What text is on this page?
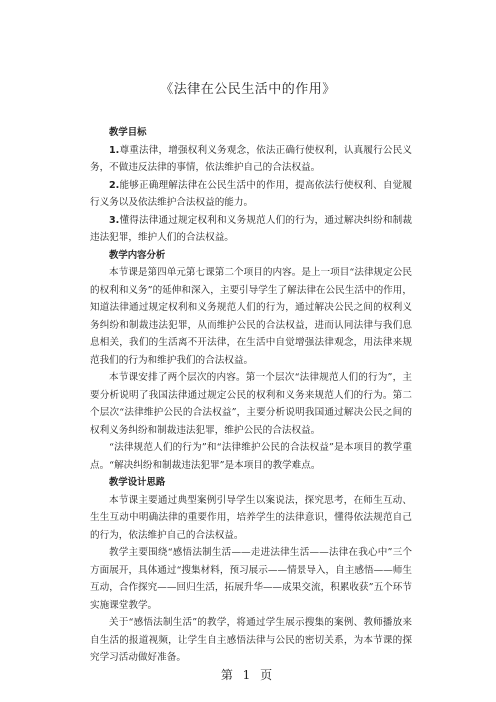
《法律在公民生活中的作用》

教学目标

1.尊重法律，增强权利义务观念，依法正确行使权利，认真履行公民义务，不做违反法律的事情，依法维护自己的合法权益。

2.能够正确理解法律在公民生活中的作用，提高依法行使权利、自觉履行义务以及依法维护合法权益的能力。

3.懂得法律通过规定权利和义务规范人们的行为，通过解决纠纷和制裁违法犯罪，维护人们的合法权益。

教学内容分析

本节课是第四单元第七课第二个项目的内容。是上一项目“法律规定公民的权利和义务”的延伸和深入，主要引导学生了解法律在公民生活中的作用，知道法律通过规定权利和义务规范人们的行为，通过解决公民之间的权利义务纠纷和制裁违法犯罪，从而维护公民的合法权益，进而认同法律与我们息息相关，我们的生活离不开法律，在生活中自觉增强法律观念，用法律来规范我们的行为和维护我们的合法权益。

本节课安排了两个层次的内容。第一个层次“法律规范人们的行为”，主要分析说明了我国法律通过规定公民的权利和义务来规范人们的行为。第二个层次“法律维护公民的合法权益”，主要分析说明我国通过解决公民之间的权利义务纠纷和制裁违法犯罪，维护公民的合法权益。

“法律规范人们的行为”和“法律维护公民的合法权益”是本项目的教学重点。“解决纠纷和制裁违法犯罪”是本项目的教学难点。

教学设计思路

本节课主要通过典型案例引导学生以案说法，探究思考，在师生互动、生生互动中明确法律的重要作用，培养学生的法律意识，懂得依法规范自己的行为，依法维护自己的合法权益。

教学主要围绕“感悟法制生活——走进法律生活——法律在我心中”三个方面展开，具体通过“搜集材料，预习展示——情景导入，自主感悟——师生互动，合作探究——回归生活，拓展升华——成果交流，积累收获”五个环节实施课堂教学。

关于“感悟法制生活”的教学，将通过学生展示搜集的案例、教师播放来自生活的报道视频，让学生自主感悟法律与公民的密切关系，为本节课的探究学习活动做好准备。

第 1 页
